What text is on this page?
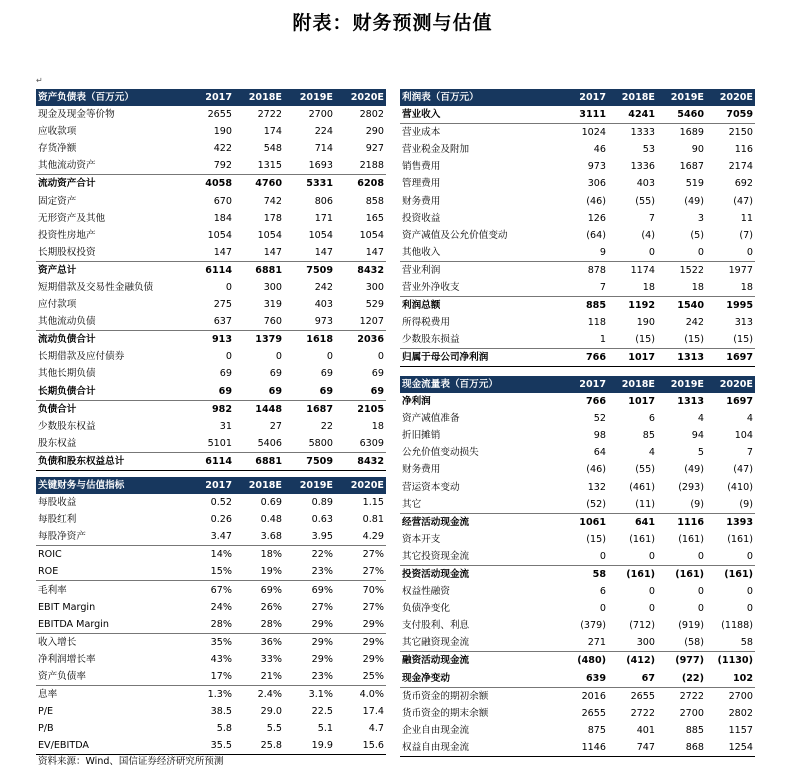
附表：财务预测与估值
↵
资产负债表（百万元）	2017	2018E	2019E	2020E
现金及现金等价物	2655	2722	2700	2802
应收款项	190	174	224	290
存货净额	422	548	714	927
其他流动资产	792	1315	1693	2188
流动资产合计	4058	4760	5331	6208
固定资产	670	742	806	858
无形资产及其他	184	178	171	165
投资性房地产	1054	1054	1054	1054
长期股权投资	147	147	147	147
资产总计	6114	6881	7509	8432
短期借款及交易性金融负债	0	300	242	300
应付款项	275	319	403	529
其他流动负债	637	760	973	1207
流动负债合计	913	1379	1618	2036
长期借款及应付债券	0	0	0	0
其他长期负债	69	69	69	69
长期负债合计	69	69	69	69
负债合计	982	1448	1687	2105
少数股东权益	31	27	22	18
股东权益	5101	5406	5800	6309
负债和股东权益总计	6114	6881	7509	8432
关键财务与估值指标	2017	2018E	2019E	2020E
每股收益	0.52	0.69	0.89	1.15
每股红利	0.26	0.48	0.63	0.81
每股净资产	3.47	3.68	3.95	4.29
ROIC	14%	18%	22%	27%
ROE	15%	19%	23%	27%
毛利率	67%	69%	69%	70%
EBIT Margin	24%	26%	27%	27%
EBITDA Margin	28%	28%	29%	29%
收入增长	35%	36%	29%	29%
净利润增长率	43%	33%	29%	29%
资产负债率	17%	21%	23%	25%
息率	1.3%	2.4%	3.1%	4.0%
P/E	38.5	29.0	22.5	17.4
P/B	5.8	5.5	5.1	4.7
EV/EBITDA	35.5	25.8	19.9	15.6
利润表（百万元）	2017	2018E	2019E	2020E
营业收入	3111	4241	5460	7059
营业成本	1024	1333	1689	2150
营业税金及附加	46	53	90	116
销售费用	973	1336	1687	2174
管理费用	306	403	519	692
财务费用	(46)	(55)	(49)	(47)
投资收益	126	7	3	11
资产减值及公允价值变动	(64)	(4)	(5)	(7)
其他收入	9	0	0	0
营业利润	878	1174	1522	1977
营业外净收支	7	18	18	18
利润总额	885	1192	1540	1995
所得税费用	118	190	242	313
少数股东损益	1	(15)	(15)	(15)
归属于母公司净利润	766	1017	1313	1697
现金流量表（百万元）	2017	2018E	2019E	2020E
净利润	766	1017	1313	1697
资产减值准备	52	6	4	4
折旧摊销	98	85	94	104
公允价值变动损失	64	4	5	7
财务费用	(46)	(55)	(49)	(47)
营运资本变动	132	(461)	(293)	(410)
其它	(52)	(11)	(9)	(9)
经营活动现金流	1061	641	1116	1393
资本开支	(15)	(161)	(161)	(161)
其它投资现金流	0	0	0	0
投资活动现金流	58	(161)	(161)	(161)
权益性融资	6	0	0	0
负债净变化	0	0	0	0
支付股利、利息	(379)	(712)	(919)	(1188)
其它融资现金流	271	300	(58)	58
融资活动现金流	(480)	(412)	(977)	(1130)
现金净变动	639	67	(22)	102
货币资金的期初余额	2016	2655	2722	2700
货币资金的期末余额	2655	2722	2700	2802
企业自由现金流	875	401	885	1157
权益自由现金流	1146	747	868	1254
资料来源：Wind、国信证券经济研究所预测
